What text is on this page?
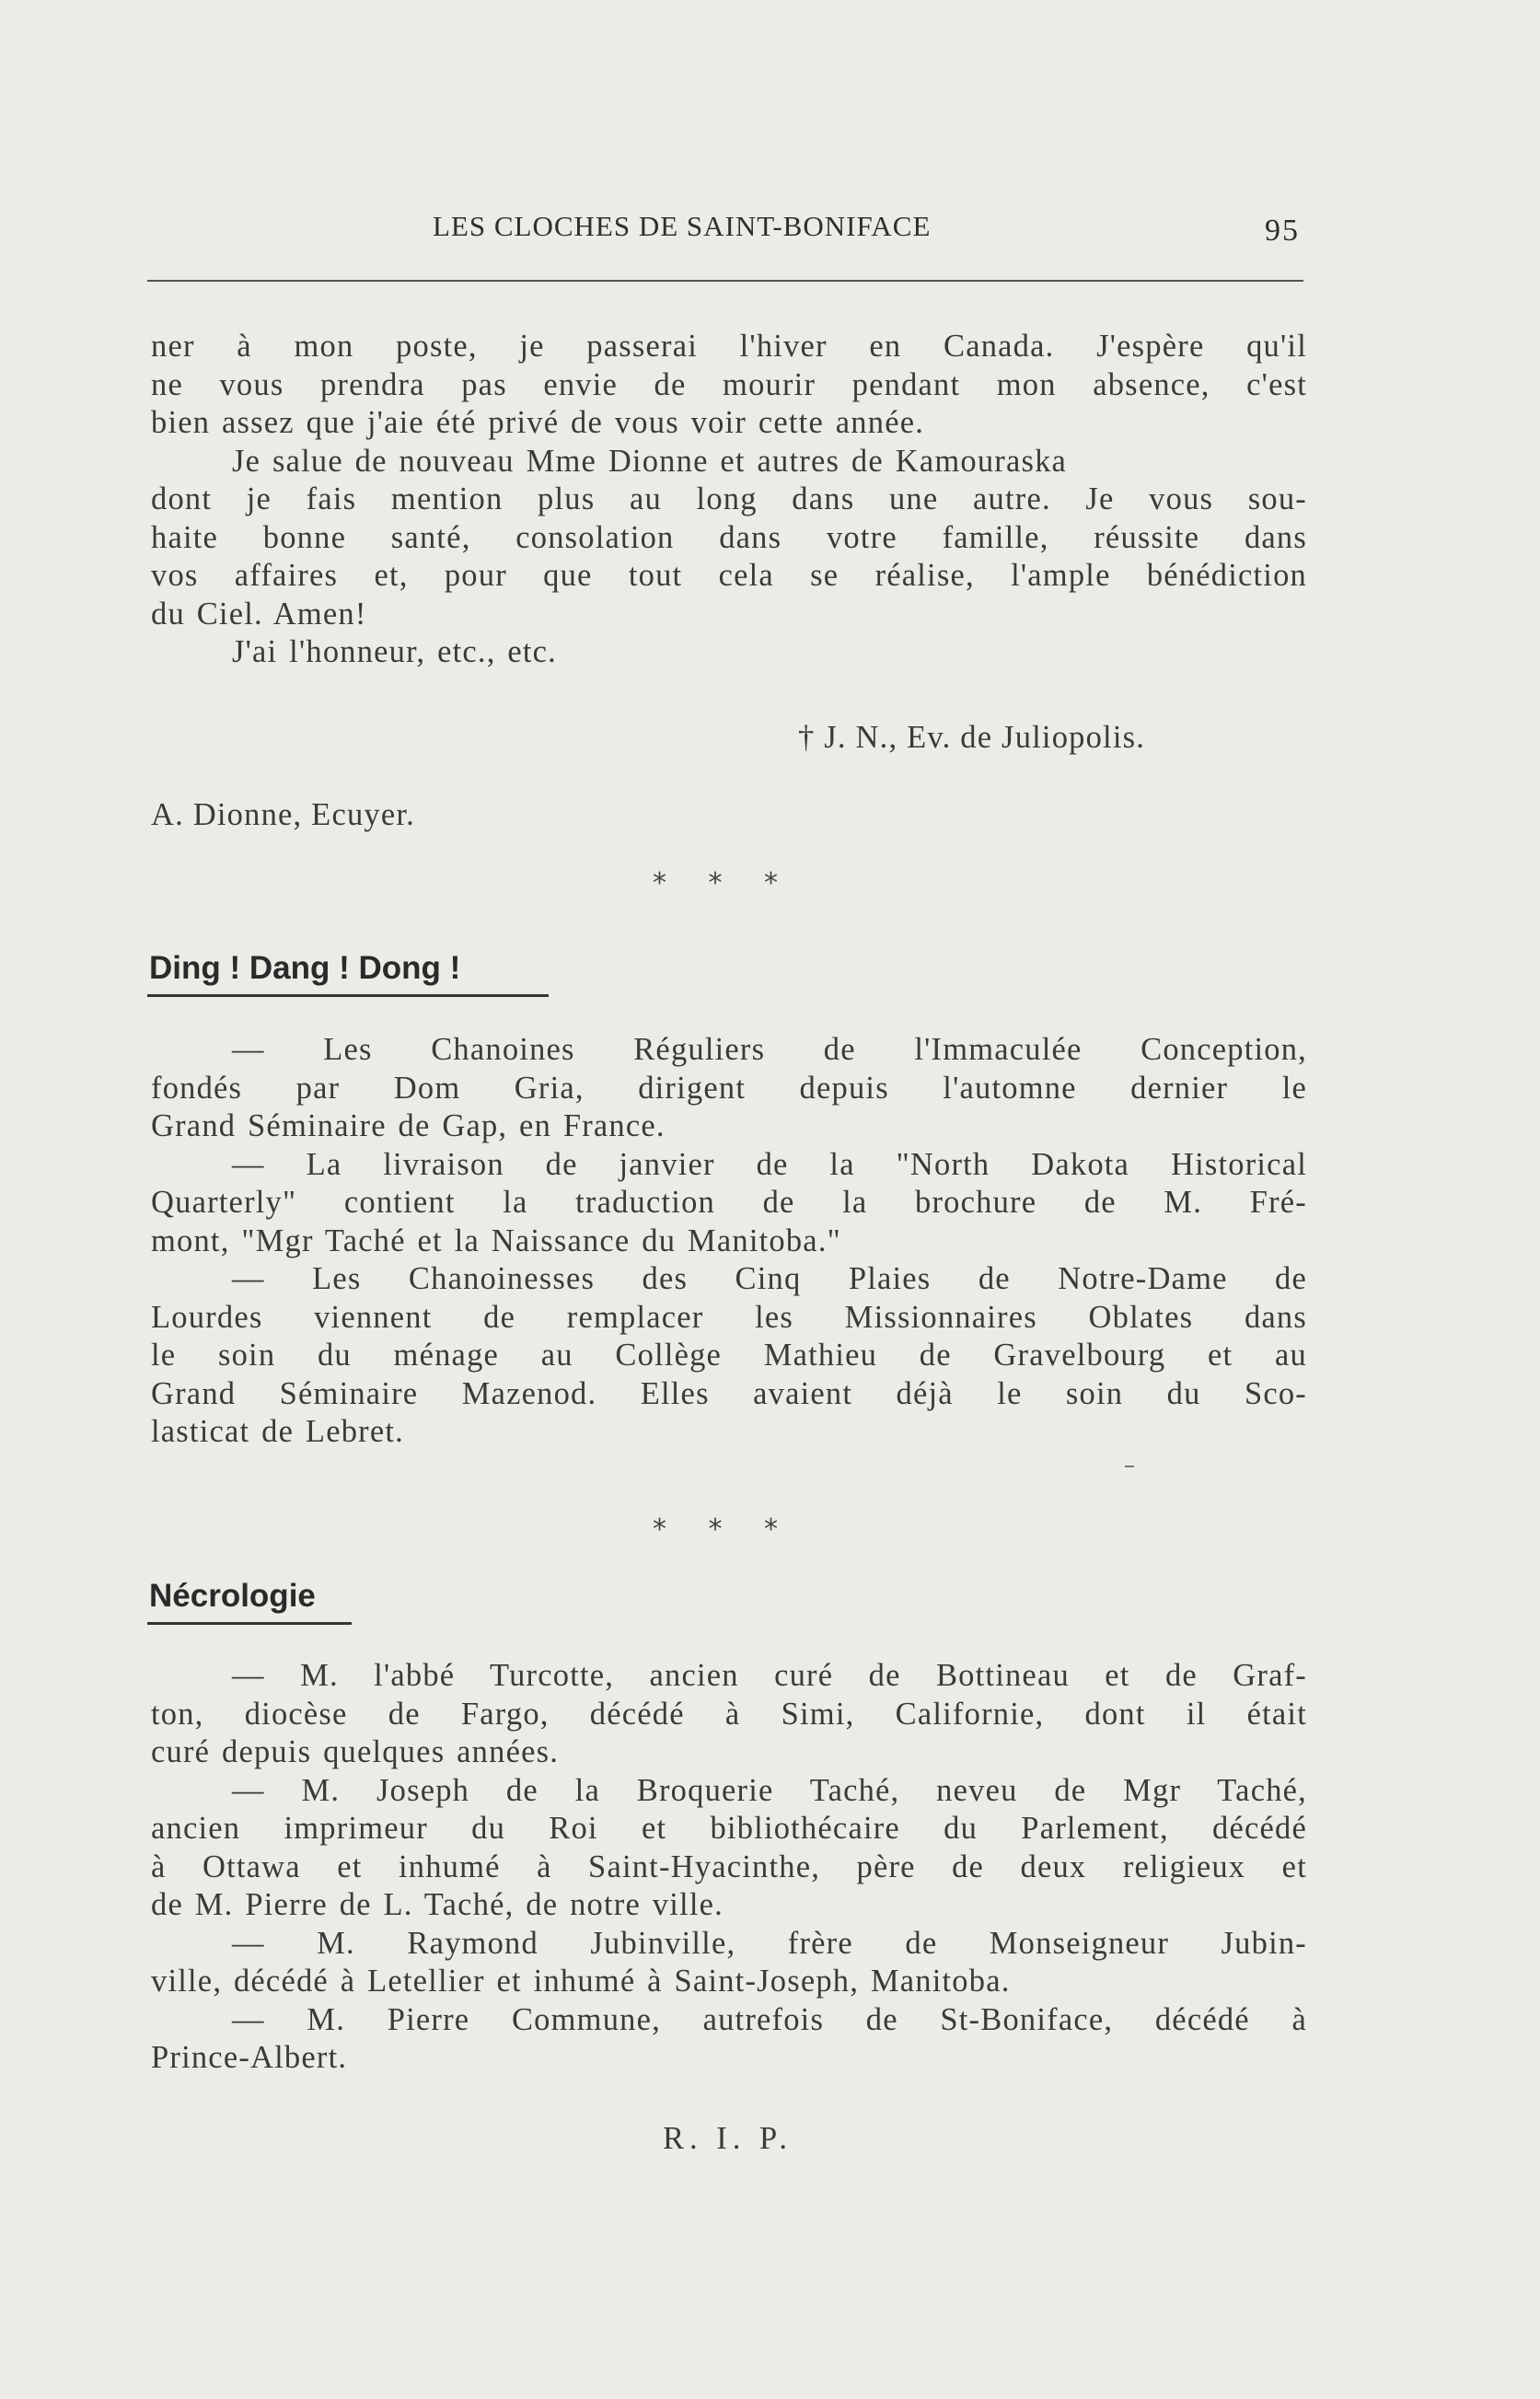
LES CLOCHES DE SAINT-BONIFACE	95

ner à mon poste, je passerai l'hiver en Canada. J'espère qu'il
ne vous prendra pas envie de mourir pendant mon absence, c'est
bien assez que j'aie été privé de vous voir cette année.

Je salue de nouveau Mme Dionne et autres de Kamouraska

dont je fais mention plus au long dans une autre. Je vous sou-
haite bonne santé, consolation dans votre famille, réussite dans
vos affaires et, pour que tout cela se réalise, l'ample bénédiction
du Ciel. Amen!

J'ai l'honneur, etc., etc.

† J. N., Ev. de Juliopolis.
A. Dionne, Ecuyer.
* * *
Ding ! Dang ! Dong !

— Les Chanoines Réguliers de l'Immaculée Conception,
fondés par Dom Gria, dirigent depuis l'automne dernier le
Grand Séminaire de Gap, en France.

— La livraison de janvier de la "North Dakota Historical
Quarterly" contient la traduction de la brochure de M. Fré-
mont, "Mgr Taché et la Naissance du Manitoba."

— Les Chanoinesses des Cinq Plaies de Notre-Dame de
Lourdes viennent de remplacer les Missionnaires Oblates dans
le soin du ménage au Collège Mathieu de Gravelbourg et au
Grand Séminaire Mazenod. Elles avaient déjà le soin du Sco-
lasticat de Lebret.

* * *
Nécrologie

— M. l'abbé Turcotte, ancien curé de Bottineau et de Graf-
ton, diocèse de Fargo, décédé à Simi, Californie, dont il était
curé depuis quelques années.

— M. Joseph de la Broquerie Taché, neveu de Mgr Taché,
ancien imprimeur du Roi et bibliothécaire du Parlement, décédé
à Ottawa et inhumé à Saint-Hyacinthe, père de deux religieux et
de M. Pierre de L. Taché, de notre ville.

— M. Raymond Jubinville, frère de Monseigneur Jubin-
ville, décédé à Letellier et inhumé à Saint-Joseph, Manitoba.

— M. Pierre Commune, autrefois de St-Boniface, décédé à
Prince-Albert.

R. I. P.
